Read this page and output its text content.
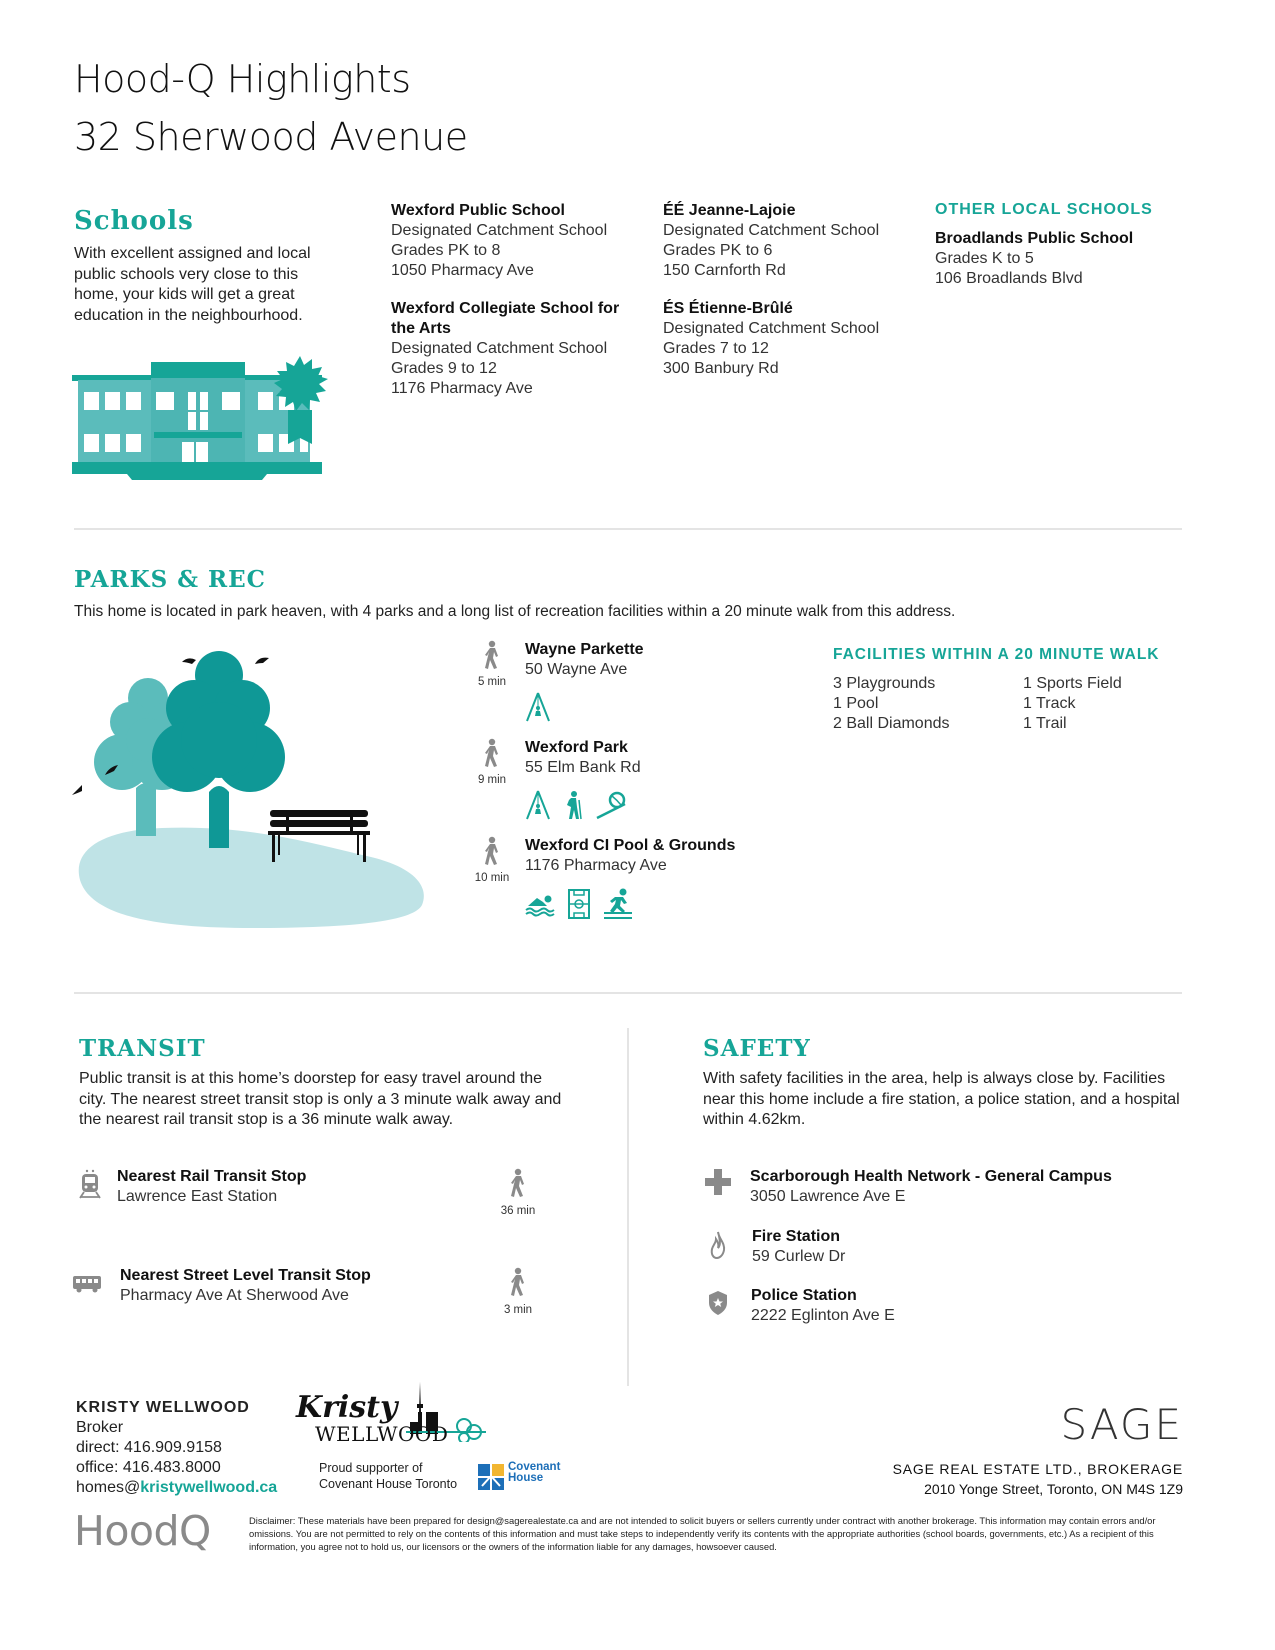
Hood-Q Highlights
32 Sherwood Avenue
Schools
With excellent assigned and local public schools very close to this home, your kids will get a great education in the neighbourhood.
Wexford Public School
Designated Catchment School
Grades PK to 8
1050 Pharmacy Ave
Wexford Collegiate School for the Arts
Designated Catchment School
Grades 9 to 12
1176 Pharmacy Ave
ÉÉ Jeanne-Lajoie
Designated Catchment School
Grades PK to 6
150 Carnforth Rd
ÉS Étienne-Brûlé
Designated Catchment School
Grades 7 to 12
300 Banbury Rd
OTHER LOCAL SCHOOLS
Broadlands Public School
Grades K to 5
106 Broadlands Blvd
PARKS & REC
This home is located in park heaven, with 4 parks and a long list of recreation facilities within a 20 minute walk from this address.
5 min
Wayne Parkette
50 Wayne Ave
9 min
Wexford Park
55 Elm Bank Rd
10 min
Wexford CI Pool & Grounds
1176 Pharmacy Ave
FACILITIES WITHIN A 20 MINUTE WALK
3 Playgrounds	1 Sports Field
1 Pool	1 Track
2 Ball Diamonds	1 Trail
TRANSIT
Public transit is at this home’s doorstep for easy travel around the city. The nearest street transit stop is only a 3 minute walk away and the nearest rail transit stop is a 36 minute walk away.
Nearest Rail Transit Stop
Lawrence East Station
36 min
Nearest Street Level Transit Stop
Pharmacy Ave At Sherwood Ave
3 min
SAFETY
With safety facilities in the area, help is always close by. Facilities near this home include a fire station, a police station, and a hospital within 4.62km.
Scarborough Health Network - General Campus
3050 Lawrence Ave E
Fire Station
59 Curlew Dr
Police Station
2222 Eglinton Ave E
KRISTY WELLWOOD
Broker
direct: 416.909.9158
office: 416.483.8000
homes@kristywellwood.ca
Kristy
WELLWOOD
Proud supporter of
Covenant House Toronto
Covenant
House
SAGE
SAGE REAL ESTATE LTD., BROKERAGE
2010 Yonge Street, Toronto, ON M4S 1Z9
HoodQ	Disclaimer: These materials have been prepared for design@sagerealestate.ca and are not intended to solicit buyers or sellers currently under contract with another brokerage. This information may contain errors and/or omissions. You are not permitted to rely on the contents of this information and must take steps to independently verify its contents with the appropriate authorities (school boards, governments, etc.) As a recipient of this information, you agree not to hold us, our licensors or the owners of the information liable for any damages, howsoever caused.
